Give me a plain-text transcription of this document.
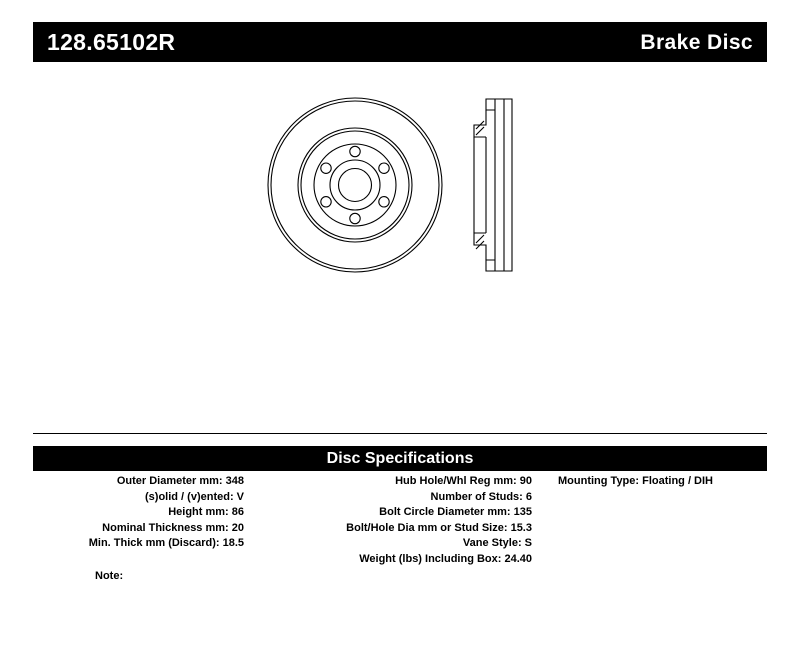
128.65102R	Brake Disc
Disc Specifications
Outer Diameter mm: 348
(s)olid / (v)ented: V
Height mm: 86
Nominal Thickness mm: 20
Min. Thick mm (Discard): 18.5
Hub Hole/Whl Reg mm: 90
Number of Studs: 6
Bolt Circle Diameter mm: 135
Bolt/Hole Dia mm or Stud Size: 15.3
Vane Style: S
Weight (lbs) Including Box: 24.40
Mounting Type: Floating / DIH
Note:
